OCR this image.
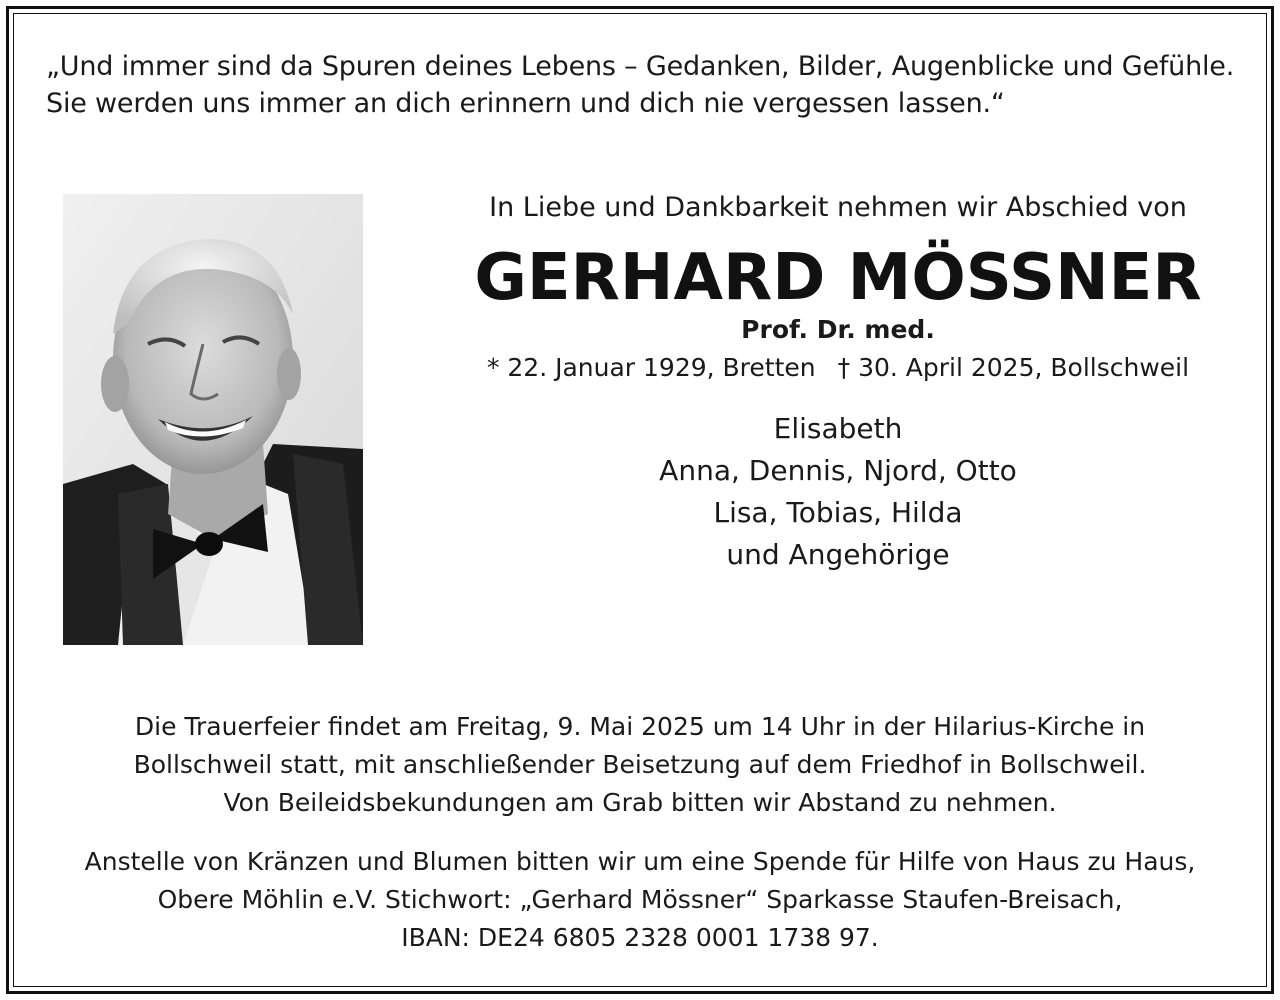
„Und immer sind da Spuren deines Lebens – Gedanken, Bilder, Augenblicke und Gefühle.
Sie werden uns immer an dich erinnern und dich nie vergessen lassen.“

In Liebe und Dankbarkeit nehmen wir Abschied von

GERHARD MÖSSNER
Prof. Dr. med.
* 22. Januar 1929, Bretten † 30. April 2025, Bollschweil
Elisabeth
Anna, Dennis, Njord, Otto
Lisa, Tobias, Hilda
und Angehörige
Die Trauerfeier findet am Freitag, 9. Mai 2025 um 14 Uhr in der Hilarius-Kirche in
Bollschweil statt, mit anschließender Beisetzung auf dem Friedhof in Bollschweil.
Von Beileidsbekundungen am Grab bitten wir Abstand zu nehmen.
Anstelle von Kränzen und Blumen bitten wir um eine Spende für Hilfe von Haus zu Haus,
Obere Möhlin e.V. Stichwort: „Gerhard Mössner“ Sparkasse Staufen-Breisach,
IBAN: DE24 6805 2328 0001 1738 97.
